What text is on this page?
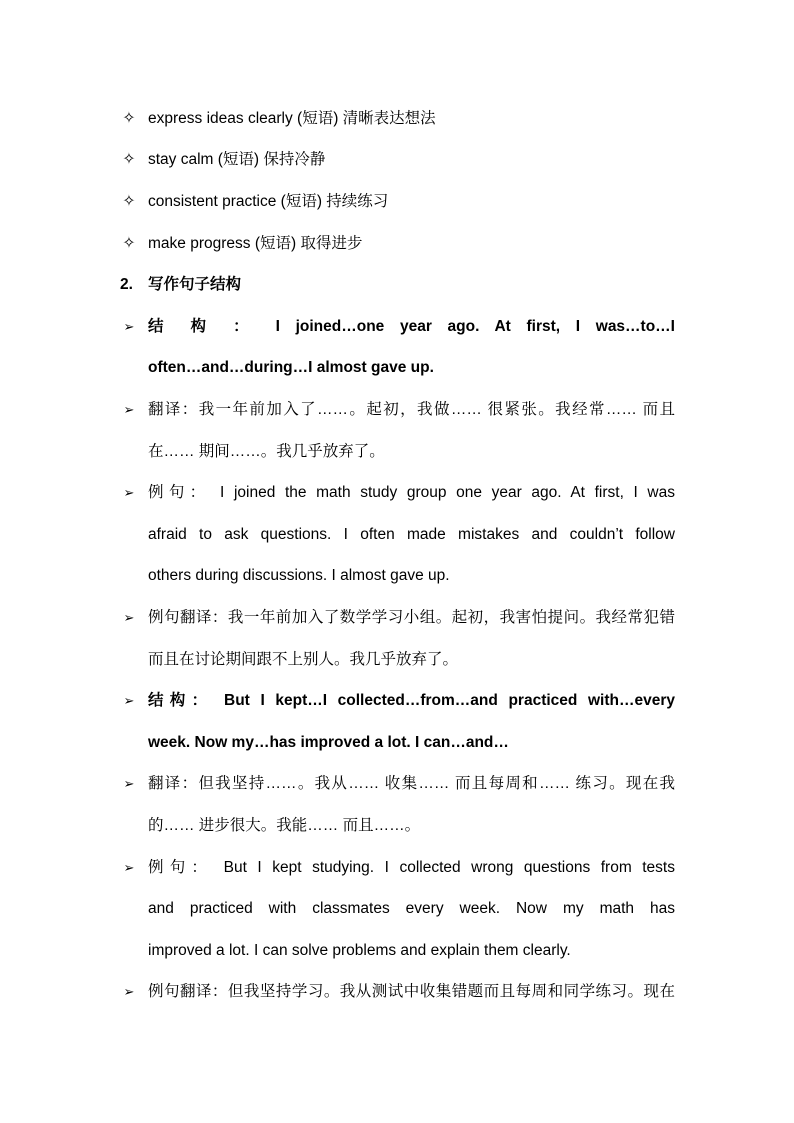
✧ express ideas clearly (短语) 清晰表达想法
✧ stay calm (短语) 保持冷静
✧ consistent practice (短语) 持续练习
✧ make progress (短语) 取得进步
2. 写作句子结构
➢ 结 构 ： I joined…one year ago. At first, I was…to…I
often…and…during…I almost gave up.
➢ 翻译：我一年前加入了……。起初，我做…… 很紧张。我经常…… 而且
在…… 期间……。我几乎放弃了。
➢ 例句： I joined the math study group one year ago. At first, I was
afraid to ask questions. I often made mistakes and couldn’t follow
others during discussions. I almost gave up.
➢ 例句翻译：我一年前加入了数学学习小组。起初，我害怕提问。我经常犯错
而且在讨论期间跟不上别人。我几乎放弃了。
➢ 结构： But I kept…I collected…from…and practiced with…every
week. Now my…has improved a lot. I can…and…
➢ 翻译：但我坚持……。我从…… 收集…… 而且每周和…… 练习。现在我
的…… 进步很大。我能…… 而且……。
➢ 例句： But I kept studying. I collected wrong questions from tests
and practiced with classmates every week. Now my math has
improved a lot. I can solve problems and explain them clearly.
➢ 例句翻译：但我坚持学习。我从测试中收集错题而且每周和同学练习。现在
